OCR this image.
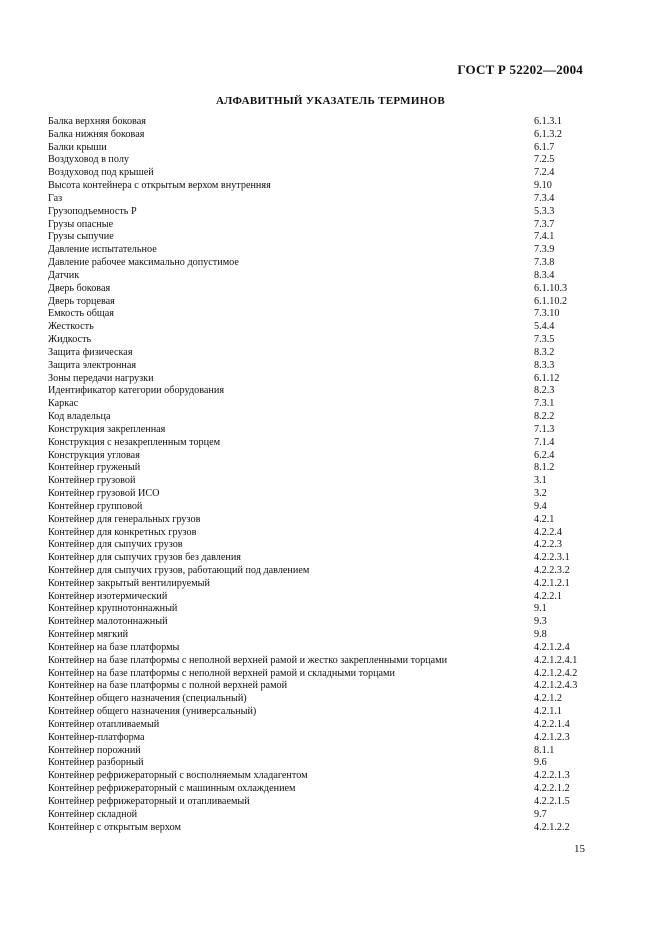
ГОСТ Р 52202—2004
АЛФАВИТНЫЙ УКАЗАТЕЛЬ ТЕРМИНОВ
Балка верхняя боковая	6.1.3.1
Балка нижняя боковая	6.1.3.2
Балки крыши	6.1.7
Воздуховод в полу	7.2.5
Воздуховод под крышей	7.2.4
Высота контейнера с открытым верхом внутренняя	9.10
Газ	7.3.4
Грузоподъемность Р	5.3.3
Грузы опасные	7.3.7
Грузы сыпучие	7.4.1
Давление испытательное	7.3.9
Давление рабочее максимально допустимое	7.3.8
Датчик	8.3.4
Дверь боковая	6.1.10.3
Дверь торцевая	6.1.10.2
Емкость общая	7.3.10
Жесткость	5.4.4
Жидкость	7.3.5
Защита физическая	8.3.2
Защита электронная	8.3.3
Зоны передачи нагрузки	6.1.12
Идентификатор категории оборудования	8.2.3
Каркас	7.3.1
Код владельца	8.2.2
Конструкция закрепленная	7.1.3
Конструкция с незакрепленным торцем	7.1.4
Конструкция угловая	6.2.4
Контейнер груженый	8.1.2
Контейнер грузовой	3.1
Контейнер грузовой ИСО	3.2
Контейнер групповой	9.4
Контейнер для генеральных грузов	4.2.1
Контейнер для конкретных грузов	4.2.2.4
Контейнер для сыпучих грузов	4.2.2.3
Контейнер для сыпучих грузов без давления	4.2.2.3.1
Контейнер для сыпучих грузов, работающий под давлением	4.2.2.3.2
Контейнер закрытый вентилируемый	4.2.1.2.1
Контейнер изотермический	4.2.2.1
Контейнер крупнотоннажный	9.1
Контейнер малотоннажный	9.3
Контейнер мягкий	9.8
Контейнер на базе платформы	4.2.1.2.4
Контейнер на базе платформы с неполной верхней рамой и жестко закрепленными торцами	4.2.1.2.4.1
Контейнер на базе платформы с неполной верхней рамой и складными торцами	4.2.1.2.4.2
Контейнер на базе платформы с полной верхней рамой	4.2.1.2.4.3
Контейнер общего назначения (специальный)	4.2.1.2
Контейнер общего назначения (универсальный)	4.2.1.1
Контейнер отапливаемый	4.2.2.1.4
Контейнер-платформа	4.2.1.2.3
Контейнер порожний	8.1.1
Контейнер разборный	9.6
Контейнер рефрижераторный с восполняемым хладагентом	4.2.2.1.3
Контейнер рефрижераторный с машинным охлаждением	4.2.2.1.2
Контейнер рефрижераторный и отапливаемый	4.2.2.1.5
Контейнер складной	9.7
Контейнер с открытым верхом	4.2.1.2.2
15
